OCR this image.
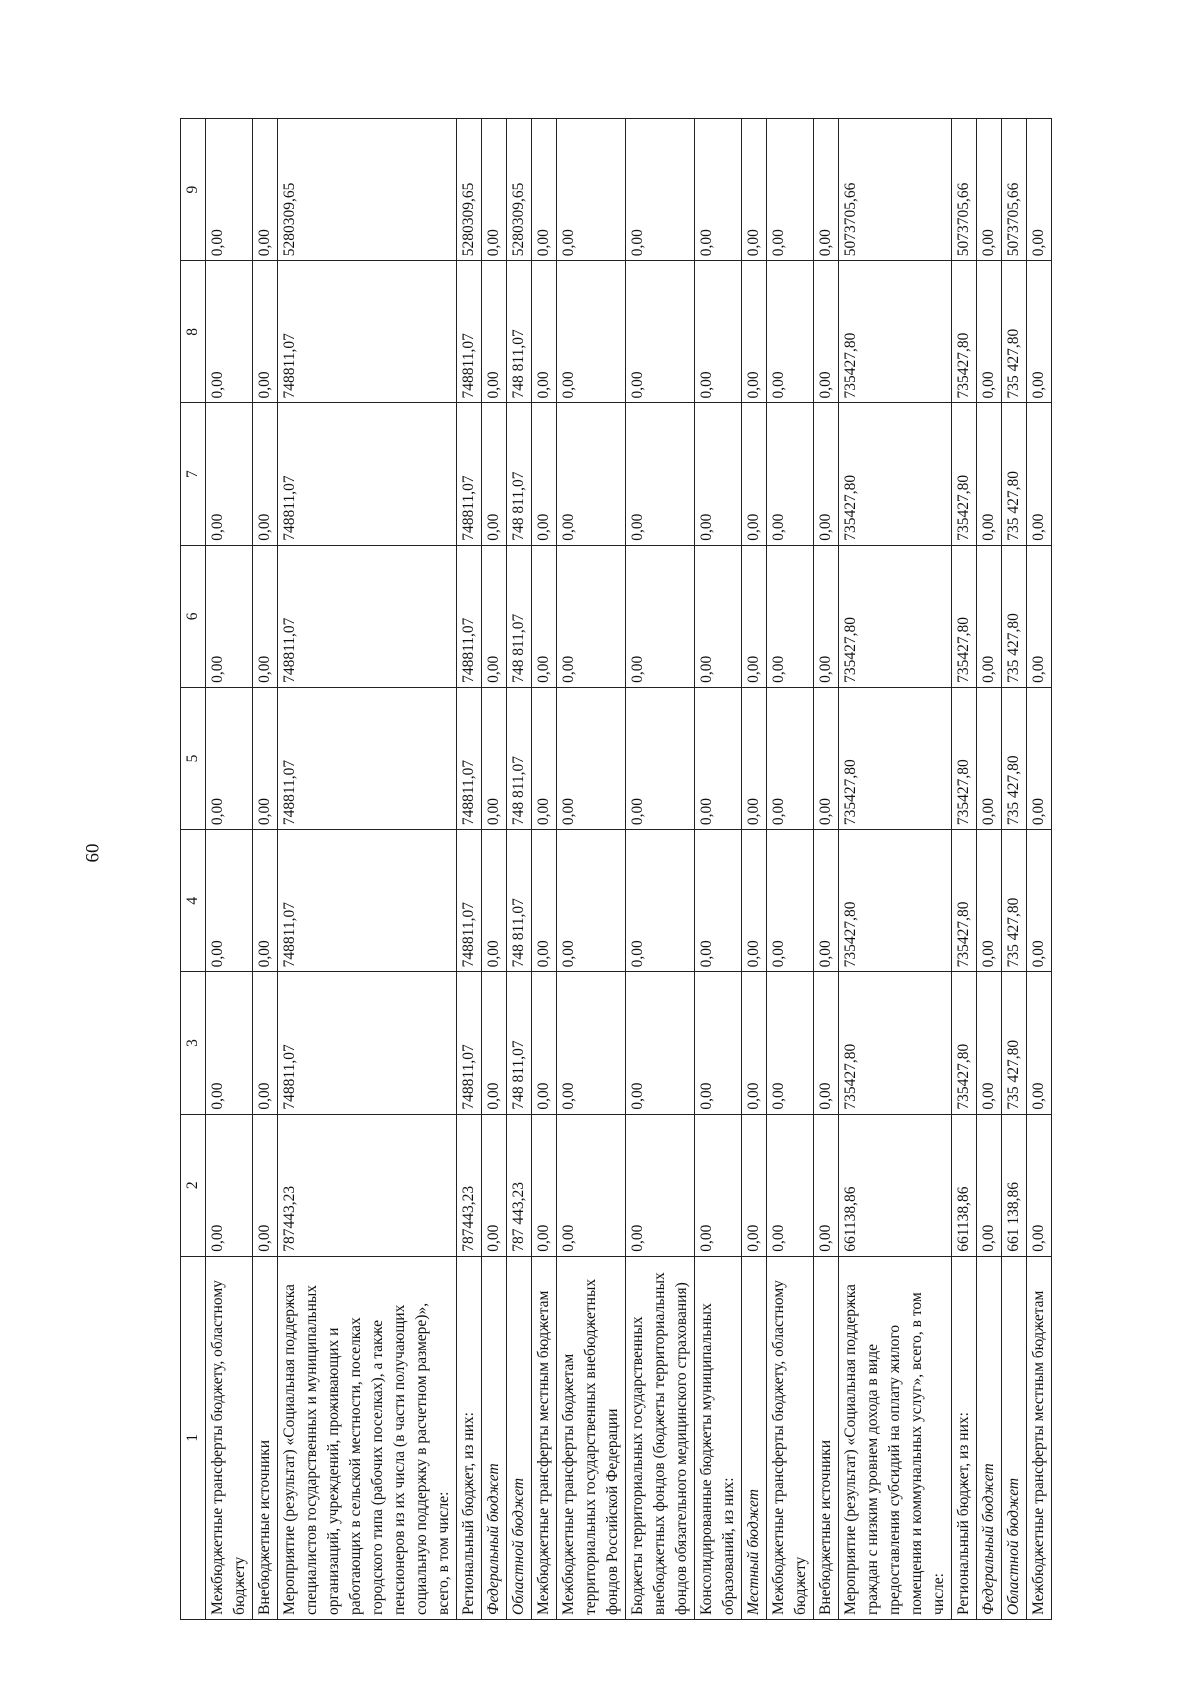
60
1	2	3	4	5	6	7	8	9
Межбюджетные трансферты бюджету, областному бюджету	0,00	0,00	0,00	0,00	0,00	0,00	0,00	0,00
Внебюджетные источники	0,00	0,00	0,00	0,00	0,00	0,00	0,00	0,00
Мероприятие (результат) «Социальная поддержка специалистов государственных и муниципальных организаций, учреждений, проживающих и работающих в сельской местности, поселках городского типа (рабочих поселках), а также пенсионеров из их числа (в части получающих социальную поддержку в расчетном размере)», всего, в том числе:	787443,23	748811,07	748811,07	748811,07	748811,07	748811,07	748811,07	5280309,65
Региональный бюджет, из них:	787443,23	748811,07	748811,07	748811,07	748811,07	748811,07	748811,07	5280309,65
Федеральный бюджет	0,00	0,00	0,00	0,00	0,00	0,00	0,00	0,00
Областной бюджет	787 443,23	748 811,07	748 811,07	748 811,07	748 811,07	748 811,07	748 811,07	5280309,65
Межбюджетные трансферты местным бюджетам	0,00	0,00	0,00	0,00	0,00	0,00	0,00	0,00
Межбюджетные трансферты бюджетам территориальных государственных внебюджетных фондов Российской Федерации	0,00	0,00	0,00	0,00	0,00	0,00	0,00	0,00
Бюджеты территориальных государственных внебюджетных фондов (бюджеты территориальных фондов обязательного медицинского страхования)	0,00	0,00	0,00	0,00	0,00	0,00	0,00	0,00
Консолидированные бюджеты муниципальных образований, из них:	0,00	0,00	0,00	0,00	0,00	0,00	0,00	0,00
Местный бюджет	0,00	0,00	0,00	0,00	0,00	0,00	0,00	0,00
Межбюджетные трансферты бюджету, областному бюджету	0,00	0,00	0,00	0,00	0,00	0,00	0,00	0,00
Внебюджетные источники	0,00	0,00	0,00	0,00	0,00	0,00	0,00	0,00
Мероприятие (результат) «Социальная поддержка граждан с низким уровнем дохода в виде предоставления субсидий на оплату жилого помещения и коммунальных услуг», всего, в том числе:	661138,86	735427,80	735427,80	735427,80	735427,80	735427,80	735427,80	5073705,66
Региональный бюджет, из них:	661138,86	735427,80	735427,80	735427,80	735427,80	735427,80	735427,80	5073705,66
Федеральный бюджет	0,00	0,00	0,00	0,00	0,00	0,00	0,00	0,00
Областной бюджет	661 138,86	735 427,80	735 427,80	735 427,80	735 427,80	735 427,80	735 427,80	5073705,66
Межбюджетные трансферты местным бюджетам	0,00	0,00	0,00	0,00	0,00	0,00	0,00	0,00
